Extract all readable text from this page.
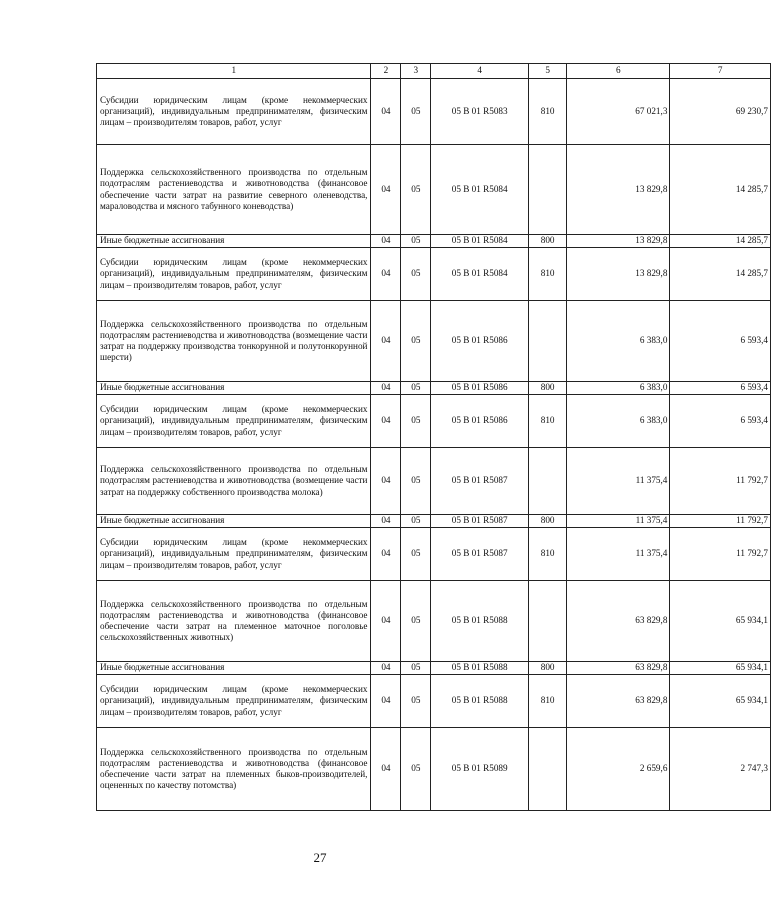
1	2	3	4	5	6	7
Субсидии юридическим лицам (кроме некоммерческих организаций), индивидуальным предпринимателям, физическим лицам – производителям товаров, работ, услуг	04	05	05 В 01 R5083	810	67 021,3	69 230,7
Поддержка сельскохозяйственного производства по отдельным подотраслям растениеводства и животноводства (финансовое обеспечение части затрат на развитие северного оленеводства, мараловодства и мясного табунного коневодства)	04	05	05 В 01 R5084		13 829,8	14 285,7
Иные бюджетные ассигнования	04	05	05 В 01 R5084	800	13 829,8	14 285,7
Субсидии юридическим лицам (кроме некоммерческих организаций), индивидуальным предпринимателям, физическим лицам – производителям товаров, работ, услуг	04	05	05 В 01 R5084	810	13 829,8	14 285,7
Поддержка сельскохозяйственного производства по отдельным подотраслям растениеводства и животноводства (возмещение части затрат на поддержку производства тонкорунной и полутонкорунной шерсти)	04	05	05 В 01 R5086		6 383,0	6 593,4
Иные бюджетные ассигнования	04	05	05 В 01 R5086	800	6 383,0	6 593,4
Субсидии юридическим лицам (кроме некоммерческих организаций), индивидуальным предпринимателям, физическим лицам – производителям товаров, работ, услуг	04	05	05 В 01 R5086	810	6 383,0	6 593,4
Поддержка сельскохозяйственного производства по отдельным подотраслям растениеводства и животноводства (возмещение части затрат на поддержку собственного производства молока)	04	05	05 В 01 R5087		11 375,4	11 792,7
Иные бюджетные ассигнования	04	05	05 В 01 R5087	800	11 375,4	11 792,7
Субсидии юридическим лицам (кроме некоммерческих организаций), индивидуальным предпринимателям, физическим лицам – производителям товаров, работ, услуг	04	05	05 В 01 R5087	810	11 375,4	11 792,7
Поддержка сельскохозяйственного производства по отдельным подотраслям растениеводства и животноводства (финансовое обеспечение части затрат на племенное маточное поголовье сельскохозяйственных животных)	04	05	05 В 01 R5088		63 829,8	65 934,1
Иные бюджетные ассигнования	04	05	05 В 01 R5088	800	63 829,8	65 934,1
Субсидии юридическим лицам (кроме некоммерческих организаций), индивидуальным предпринимателям, физическим лицам – производителям товаров, работ, услуг	04	05	05 В 01 R5088	810	63 829,8	65 934,1
Поддержка сельскохозяйственного производства по отдельным подотраслям растениеводства и животноводства (финансовое обеспечение части затрат на племенных быков-производителей, оцененных по качеству потомства)	04	05	05 В 01 R5089		2 659,6	2 747,3
27
